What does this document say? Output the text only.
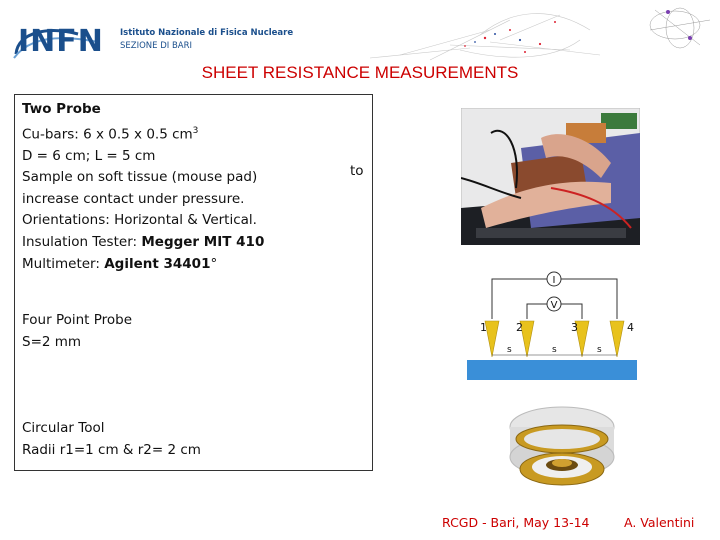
INFN Istituto Nazionale di Fisica Nucleare
SEZIONE DI BARI
SHEET RESISTANCE MEASUREMENTS
Two Probe
Cu-bars: 6 x 0.5 x 0.5 $cm^3$
D = 6 cm; L = 5 cm
Sample on soft tissue (mouse pad)
increase contact under pressure.
Orientations: Horizontal & Vertical.
Insulation Tester: Megger MIT 410
Multimeter: Agilent 34401°
Four Point Probe
S=2 mm
Circular Tool
Radii r1=1 cm & r2= 2 cm
to
I
V
1	2	3	4
s	s	s
RCGD - Bari, May 13-14	A. Valentini
